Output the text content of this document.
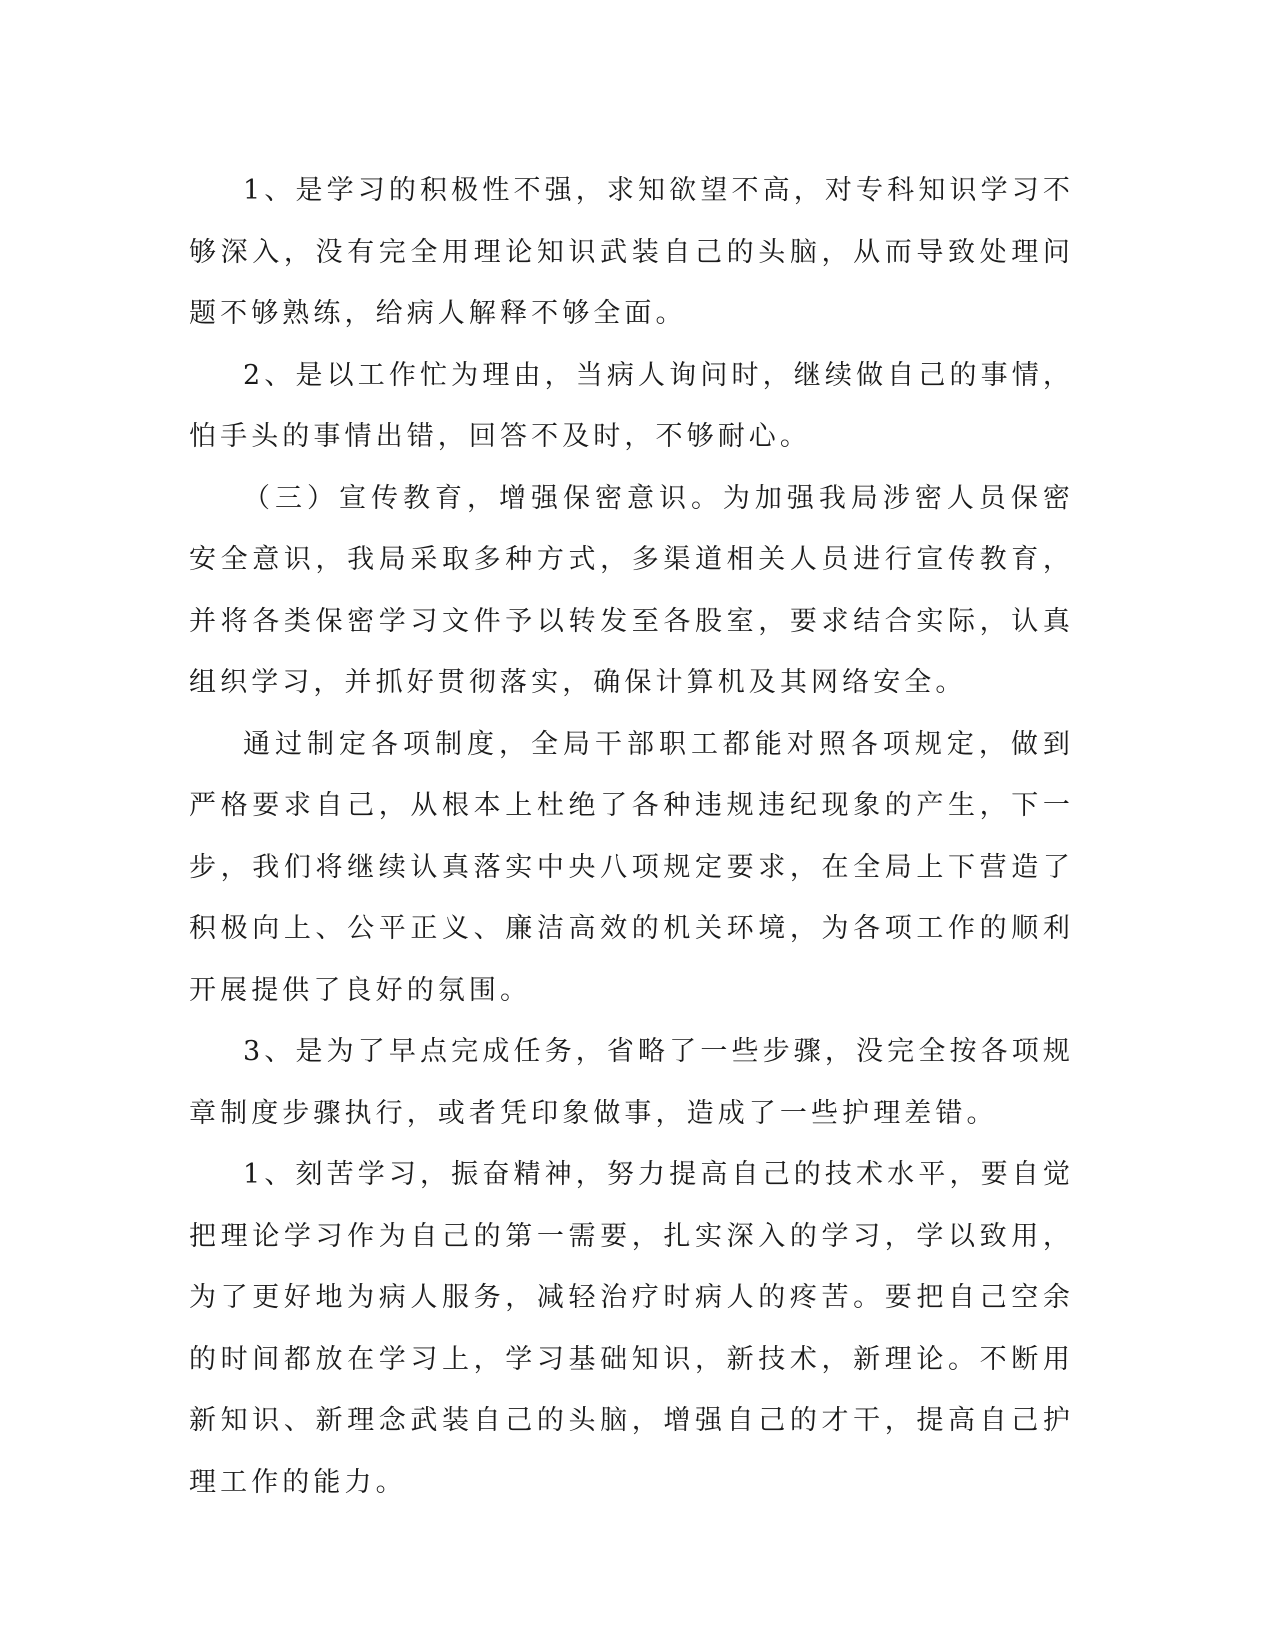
1、是学习的积极性不强，求知欲望不高，对专科知识学习不够深入，没有完全用理论知识武装自己的头脑，从而导致处理问题不够熟练，给病人解释不够全面。

2、是以工作忙为理由，当病人询问时，继续做自己的事情，怕手头的事情出错，回答不及时，不够耐心。

（三）宣传教育，增强保密意识。为加强我局涉密人员保密安全意识，我局采取多种方式，多渠道相关人员进行宣传教育，并将各类保密学习文件予以转发至各股室，要求结合实际，认真组织学习，并抓好贯彻落实，确保计算机及其网络安全。

通过制定各项制度，全局干部职工都能对照各项规定，做到严格要求自己，从根本上杜绝了各种违规违纪现象的产生，下一步，我们将继续认真落实中央八项规定要求，在全局上下营造了积极向上、公平正义、廉洁高效的机关环境，为各项工作的顺利开展提供了良好的氛围。

3、是为了早点完成任务，省略了一些步骤，没完全按各项规章制度步骤执行，或者凭印象做事，造成了一些护理差错。

1、刻苦学习，振奋精神，努力提高自己的技术水平，要自觉把理论学习作为自己的第一需要，扎实深入的学习，学以致用，为了更好地为病人服务，减轻治疗时病人的疼苦。要把自己空余的时间都放在学习上，学习基础知识，新技术，新理论。不断用新知识、新理念武装自己的头脑，增强自己的才干，提高自己护理工作的能力。
